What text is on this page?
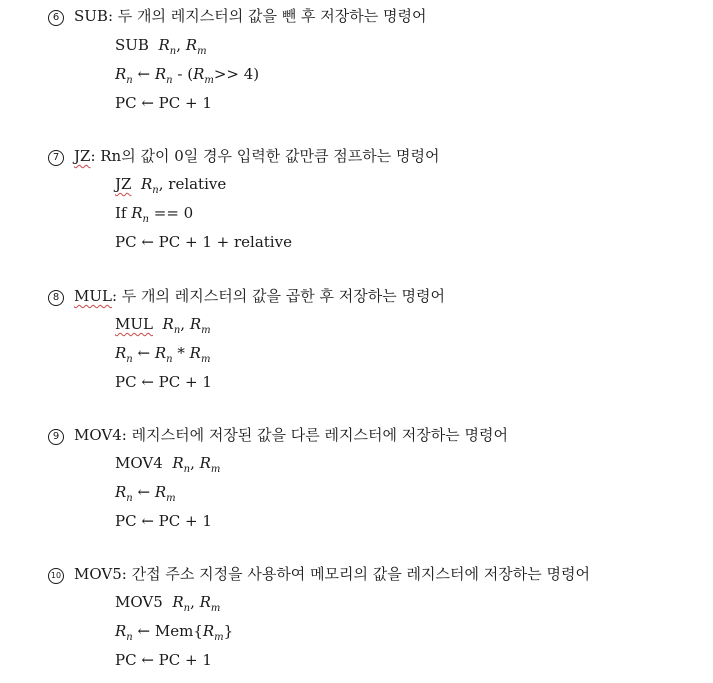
6 SUB: 두 개의 레지스터의 값을 뺀 후 저장하는 명령어
SUB $R_n$, $R_m$
$R_n$ ← $R_n - (R_m>> 4)$
PC ← PC + 1
7 JZ: Rn의 값이 0일 경우 입력한 값만큼 점프하는 명령어
JZ $R_n$, relative
If $R_n == 0$
PC ← PC + 1 + relative
8 MUL: 두 개의 레지스터의 값을 곱한 후 저장하는 명령어
MUL $R_n$, $R_m$
$R_n$ ← $R_n * R_m$
PC ← PC + 1
9 MOV4: 레지스터에 저장된 값을 다른 레지스터에 저장하는 명령어
MOV4 $R_n$, $R_m$
$R_n$ ← $R_m$
PC ← PC + 1
10 MOV5: 간접 주소 지정을 사용하여 메모리의 값을 레지스터에 저장하는 명령어
MOV5 $R_n$, $R_m$
$R_n$ ← $Mem\{R_m\}$
PC ← PC + 1
